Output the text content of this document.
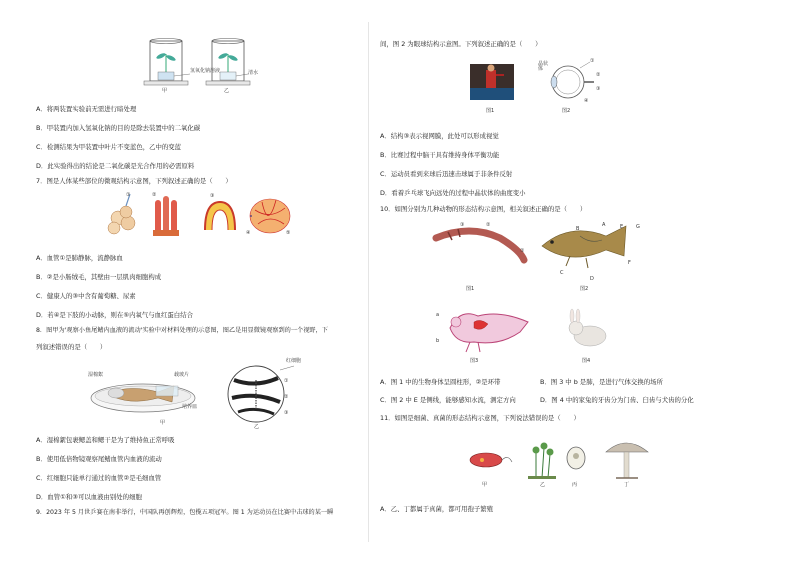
氢氧化钠溶液	清水
甲	乙
A．将两装置实验前无需进行暗处理
B．甲装置内加入氢氧化钠的目的是除去装置中的二氧化碳
C．检测结果为甲装置中叶片不变蓝色，乙中的变蓝
D．此实验得出的结论是二氧化碳是光合作用的必需原料
7．图是人体某些部位的微观结构示意图，下列叙述正确的是（　　）
①	②	③
④	⑤
A．血管①是肺静脉，流静脉血
B．②是小肠绒毛，其壁由一层肌肉细胞构成
C．健康人的③中含有葡萄糖、尿素
D．若④是下肢的小动脉，则在⑤内氧气与血红蛋白结合
8．图甲为'观察小鱼尾鳍内血液的流动'实验中对材料处理的示意图，图乙是用显微镜观察到的一个视野，下
列叙述错误的是（　　）
湿棉絮	载玻片
培养皿
红细胞
①
②
③
甲
乙
A．湿棉絮包裹鳃盖和鳃干是为了维持鱼正常呼吸
B．使用低倍物镜观察尾鳍血管内血液的流动
C．红细胞只能单行通过的血管②是毛细血管
D．血管①和③可以血液由别处的细胞
9．2023 年 5 月世乒赛在南非举行，中国队再创辉煌，包揽五项冠军。图 1 为运动员在比赛中击球的某一瞬
间，图 2 为眼球结构示意图。下列叙述正确的是（　　）
图1	图2
①
②
③
④
晶状体
A．结构③表示视网膜，此处可以形成视觉
B．比赛过程中脑干具有维持身体平衡功能
C．运动员看到来球后迅速击球属于非条件反射
D．看着乒乓球飞向远处的过程中晶状体的曲度变小
10．如图分别为几种动物的形态结构示意图，相关叙述正确的是（　　）
③	②
①
A
B
C
D
E
F
G
a
b
图1	图2
图3	图4
A．图 1 中的生物身体呈圆柱形，②是环带	B．图 3 中 b 是肺，是进行气体交换的场所
C．图 2 中 E 是侧线，能够感知水流，测定方向	D．图 4 中的家兔的牙齿分为门齿、臼齿与犬齿的分化
11．如图是细菌、真菌的形态结构示意图，下列说法错误的是（　　）
甲	乙	丙	丁
A．乙、丁都属于真菌，都可用孢子繁殖
